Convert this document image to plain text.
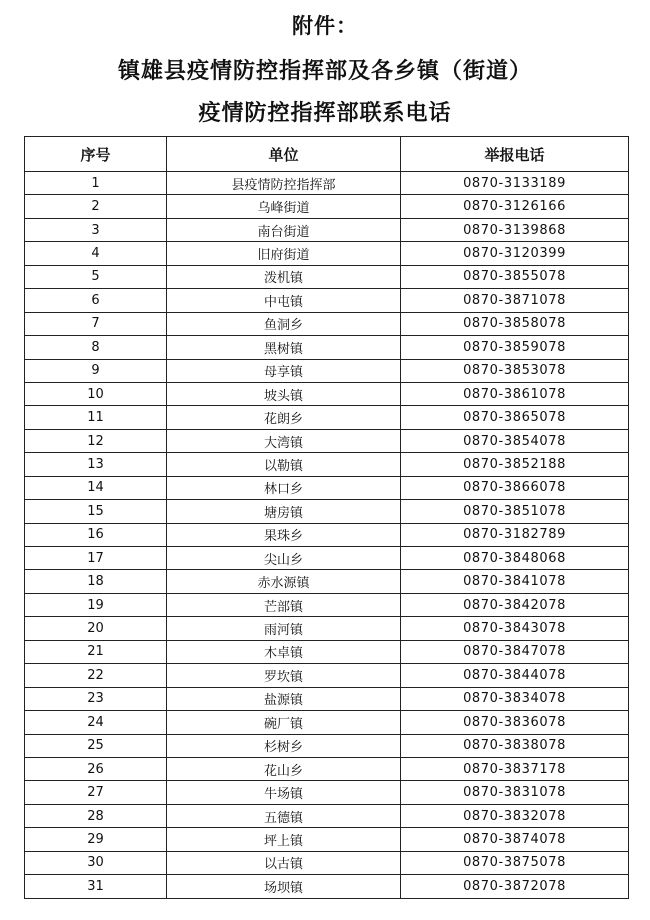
附件：
镇雄县疫情防控指挥部及各乡镇（街道）
疫情防控指挥部联系电话
序号	单位	举报电话
1	县疫情防控指挥部	0870-3133189
2	乌峰街道	0870-3126166
3	南台街道	0870-3139868
4	旧府街道	0870-3120399
5	泼机镇	0870-3855078
6	中屯镇	0870-3871078
7	鱼洞乡	0870-3858078
8	黑树镇	0870-3859078
9	母享镇	0870-3853078
10	坡头镇	0870-3861078
11	花朗乡	0870-3865078
12	大湾镇	0870-3854078
13	以勒镇	0870-3852188
14	林口乡	0870-3866078
15	塘房镇	0870-3851078
16	果珠乡	0870-3182789
17	尖山乡	0870-3848068
18	赤水源镇	0870-3841078
19	芒部镇	0870-3842078
20	雨河镇	0870-3843078
21	木卓镇	0870-3847078
22	罗坎镇	0870-3844078
23	盐源镇	0870-3834078
24	碗厂镇	0870-3836078
25	杉树乡	0870-3838078
26	花山乡	0870-3837178
27	牛场镇	0870-3831078
28	五德镇	0870-3832078
29	坪上镇	0870-3874078
30	以古镇	0870-3875078
31	场坝镇	0870-3872078
